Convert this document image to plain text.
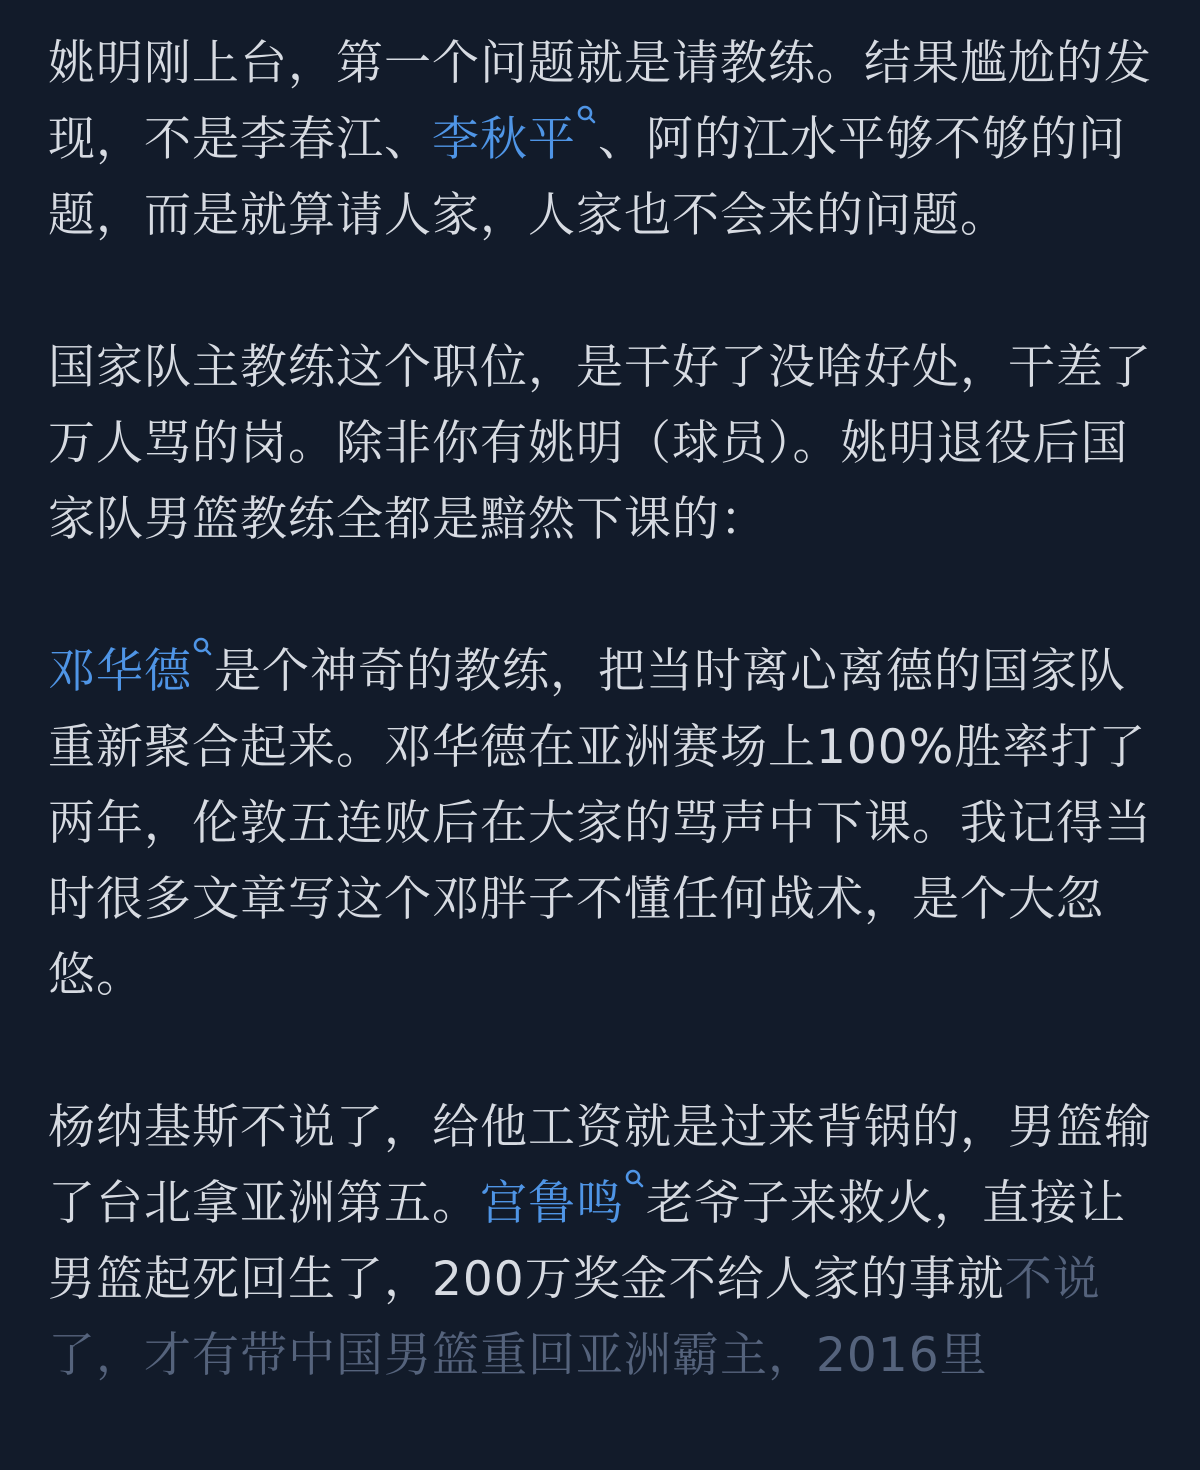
姚明刚上台，第一个问题就是请教练。结果尴尬的发现，不是李春江、李秋平 、阿的江水平够不够的问题，而是就算请人家，人家也不会来的问题。

国家队主教练这个职位，是干好了没啥好处，干差了万人骂的岗。除非你有姚明（球员）。姚明退役后国家队男篮教练全都是黯然下课的：

邓华德 是个神奇的教练，把当时离心离德的国家队重新聚合起来。邓华德在亚洲赛场上100%胜率打了两年，伦敦五连败后在大家的骂声中下课。我记得当时很多文章写这个邓胖子不懂任何战术，是个大忽悠。

杨纳基斯不说了，给他工资就是过来背锅的，男篮输了台北拿亚洲第五。宫鲁鸣 老爷子来救火，直接让男篮起死回生了，200万奖金不给人家的事就不说了，才有带中国男篮重回亚洲霸主，2016里
